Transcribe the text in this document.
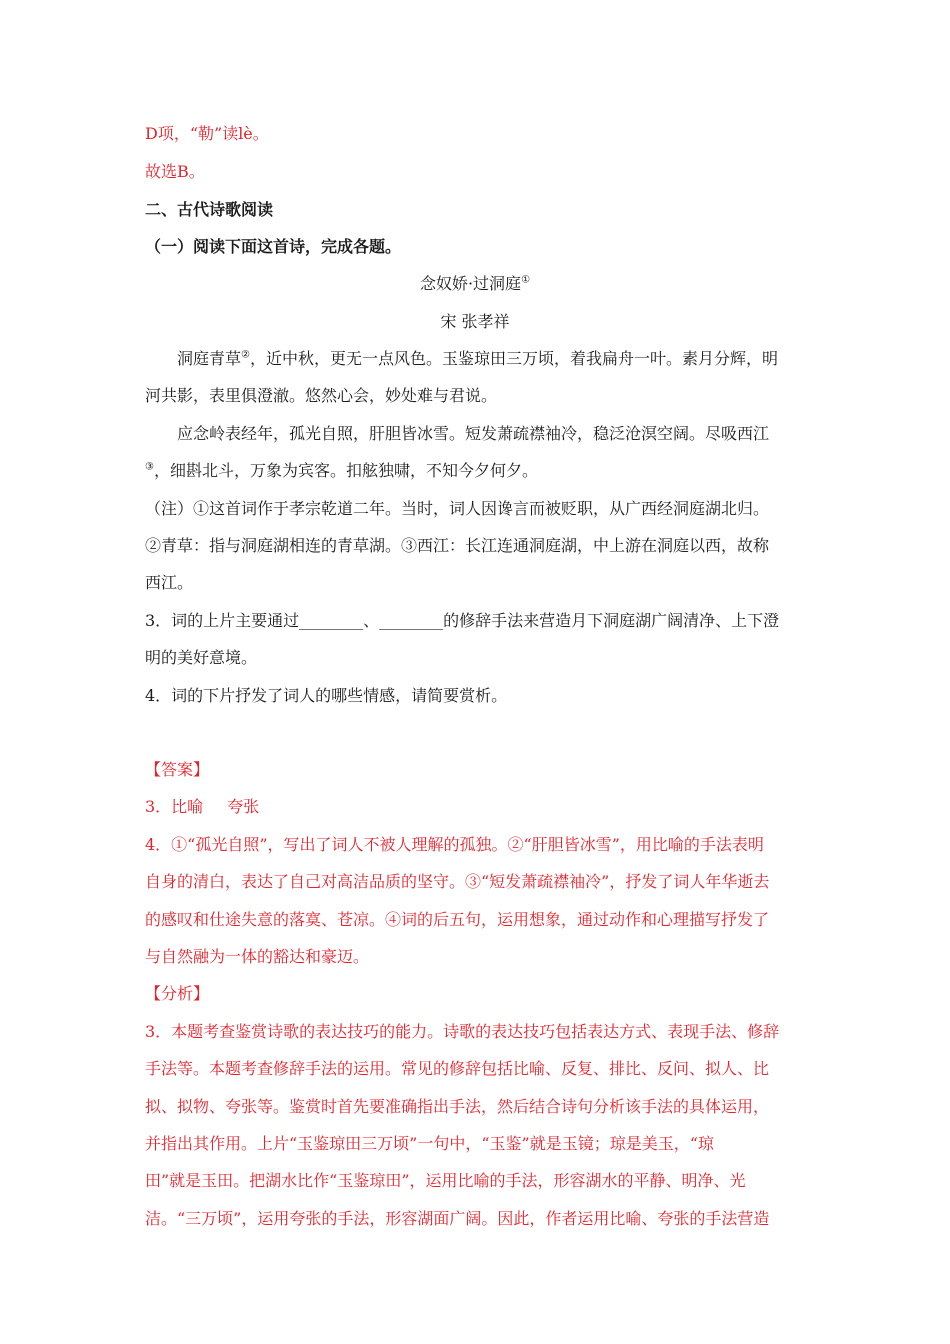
D项，“勒”读lè。
故选B。
二、古代诗歌阅读
（一）阅读下面这首诗，完成各题。
念奴娇·过洞庭①
宋 张孝祥
洞庭青草②，近中秋，更无一点风色。玉鉴琼田三万顷，着我扁舟一叶。素月分辉，明
河共影，表里俱澄澈。悠然心会，妙处难与君说。
应念岭表经年，孤光自照，肝胆皆冰雪。短发萧疏襟袖冷，稳泛沧溟空阔。尽吸西江
③，细斟北斗，万象为宾客。扣舷独啸，不知今夕何夕。
（注）①这首词作于孝宗乾道二年。当时，词人因谗言而被贬职，从广西经洞庭湖北归。
②青草：指与洞庭湖相连的青草湖。③西江：长江连通洞庭湖，中上游在洞庭以西，故称
西江。
3．词的上片主要通过________、________的修辞手法来营造月下洞庭湖广阔清净、上下澄
明的美好意境。
4．词的下片抒发了词人的哪些情感，请简要赏析。
【答案】
3．比喻 夸张
4．①“孤光自照”，写出了词人不被人理解的孤独。②“肝胆皆冰雪”，用比喻的手法表明
自身的清白，表达了自己对高洁品质的坚守。③“短发萧疏襟袖冷”，抒发了词人年华逝去
的感叹和仕途失意的落寞、苍凉。④词的后五句，运用想象，通过动作和心理描写抒发了
与自然融为一体的豁达和豪迈。
【分析】
3．本题考查鉴赏诗歌的表达技巧的能力。诗歌的表达技巧包括表达方式、表现手法、修辞
手法等。本题考查修辞手法的运用。常见的修辞包括比喻、反复、排比、反问、拟人、比
拟、拟物、夸张等。鉴赏时首先要准确指出手法，然后结合诗句分析该手法的具体运用，
并指出其作用。上片“玉鉴琼田三万顷”一句中，“玉鉴”就是玉镜；琼是美玉，“琼
田”就是玉田。把湖水比作“玉鉴琼田”，运用比喻的手法，形容湖水的平静、明净、光
洁。“三万顷”，运用夸张的手法，形容湖面广阔。因此，作者运用比喻、夸张的手法营造
